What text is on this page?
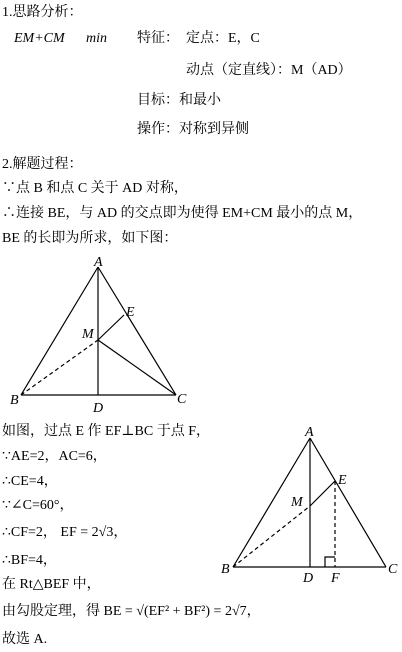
1.思路分析：
EM+CM min 特征： 定点：E，C
动点（定直线）：M（AD）
目标：和最小
操作：对称到异侧
2.解题过程：
∵点 B 和点 C 关于 AD 对称，
∴连接 BE，与 AD 的交点即为使得 EM+CM 最小的点 M，
BE 的长即为所求，如下图：
A
E
M
B	C
D
如图，过点 E 作 EF⊥BC 于点 F，
∵AE=2，AC=6，
∴CE=4，
∵∠C=60°，
∴CF=2， EF = 2√3，
∴BF=4，
在 Rt△BEF 中，
由勾股定理，得 BE = √(EF² + BF²) = 2√7，
故选 A.
A
E
M
B	C
D F
